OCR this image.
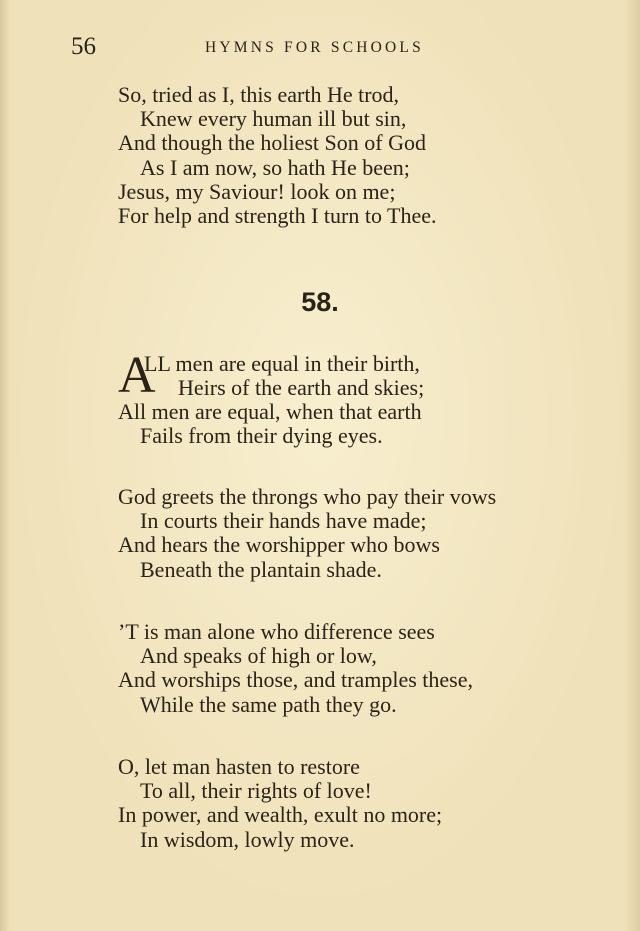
56	HYMNS FOR SCHOOLS
So, tried as I, this earth He trod,
Knew every human ill but sin,
And though the holiest Son of God
As I am now, so hath He been;
Jesus, my Saviour! look on me;
For help and strength I turn to Thee.
58.
A
LL men are equal in their birth,
Heirs of the earth and skies;
All men are equal, when that earth
Fails from their dying eyes.
God greets the throngs who pay their vows
In courts their hands have made;
And hears the worshipper who bows
Beneath the plantain shade.
’T is man alone who difference sees
And speaks of high or low,
And worships those, and tramples these,
While the same path they go.
O, let man hasten to restore
To all, their rights of love!
In power, and wealth, exult no more;
In wisdom, lowly move.
